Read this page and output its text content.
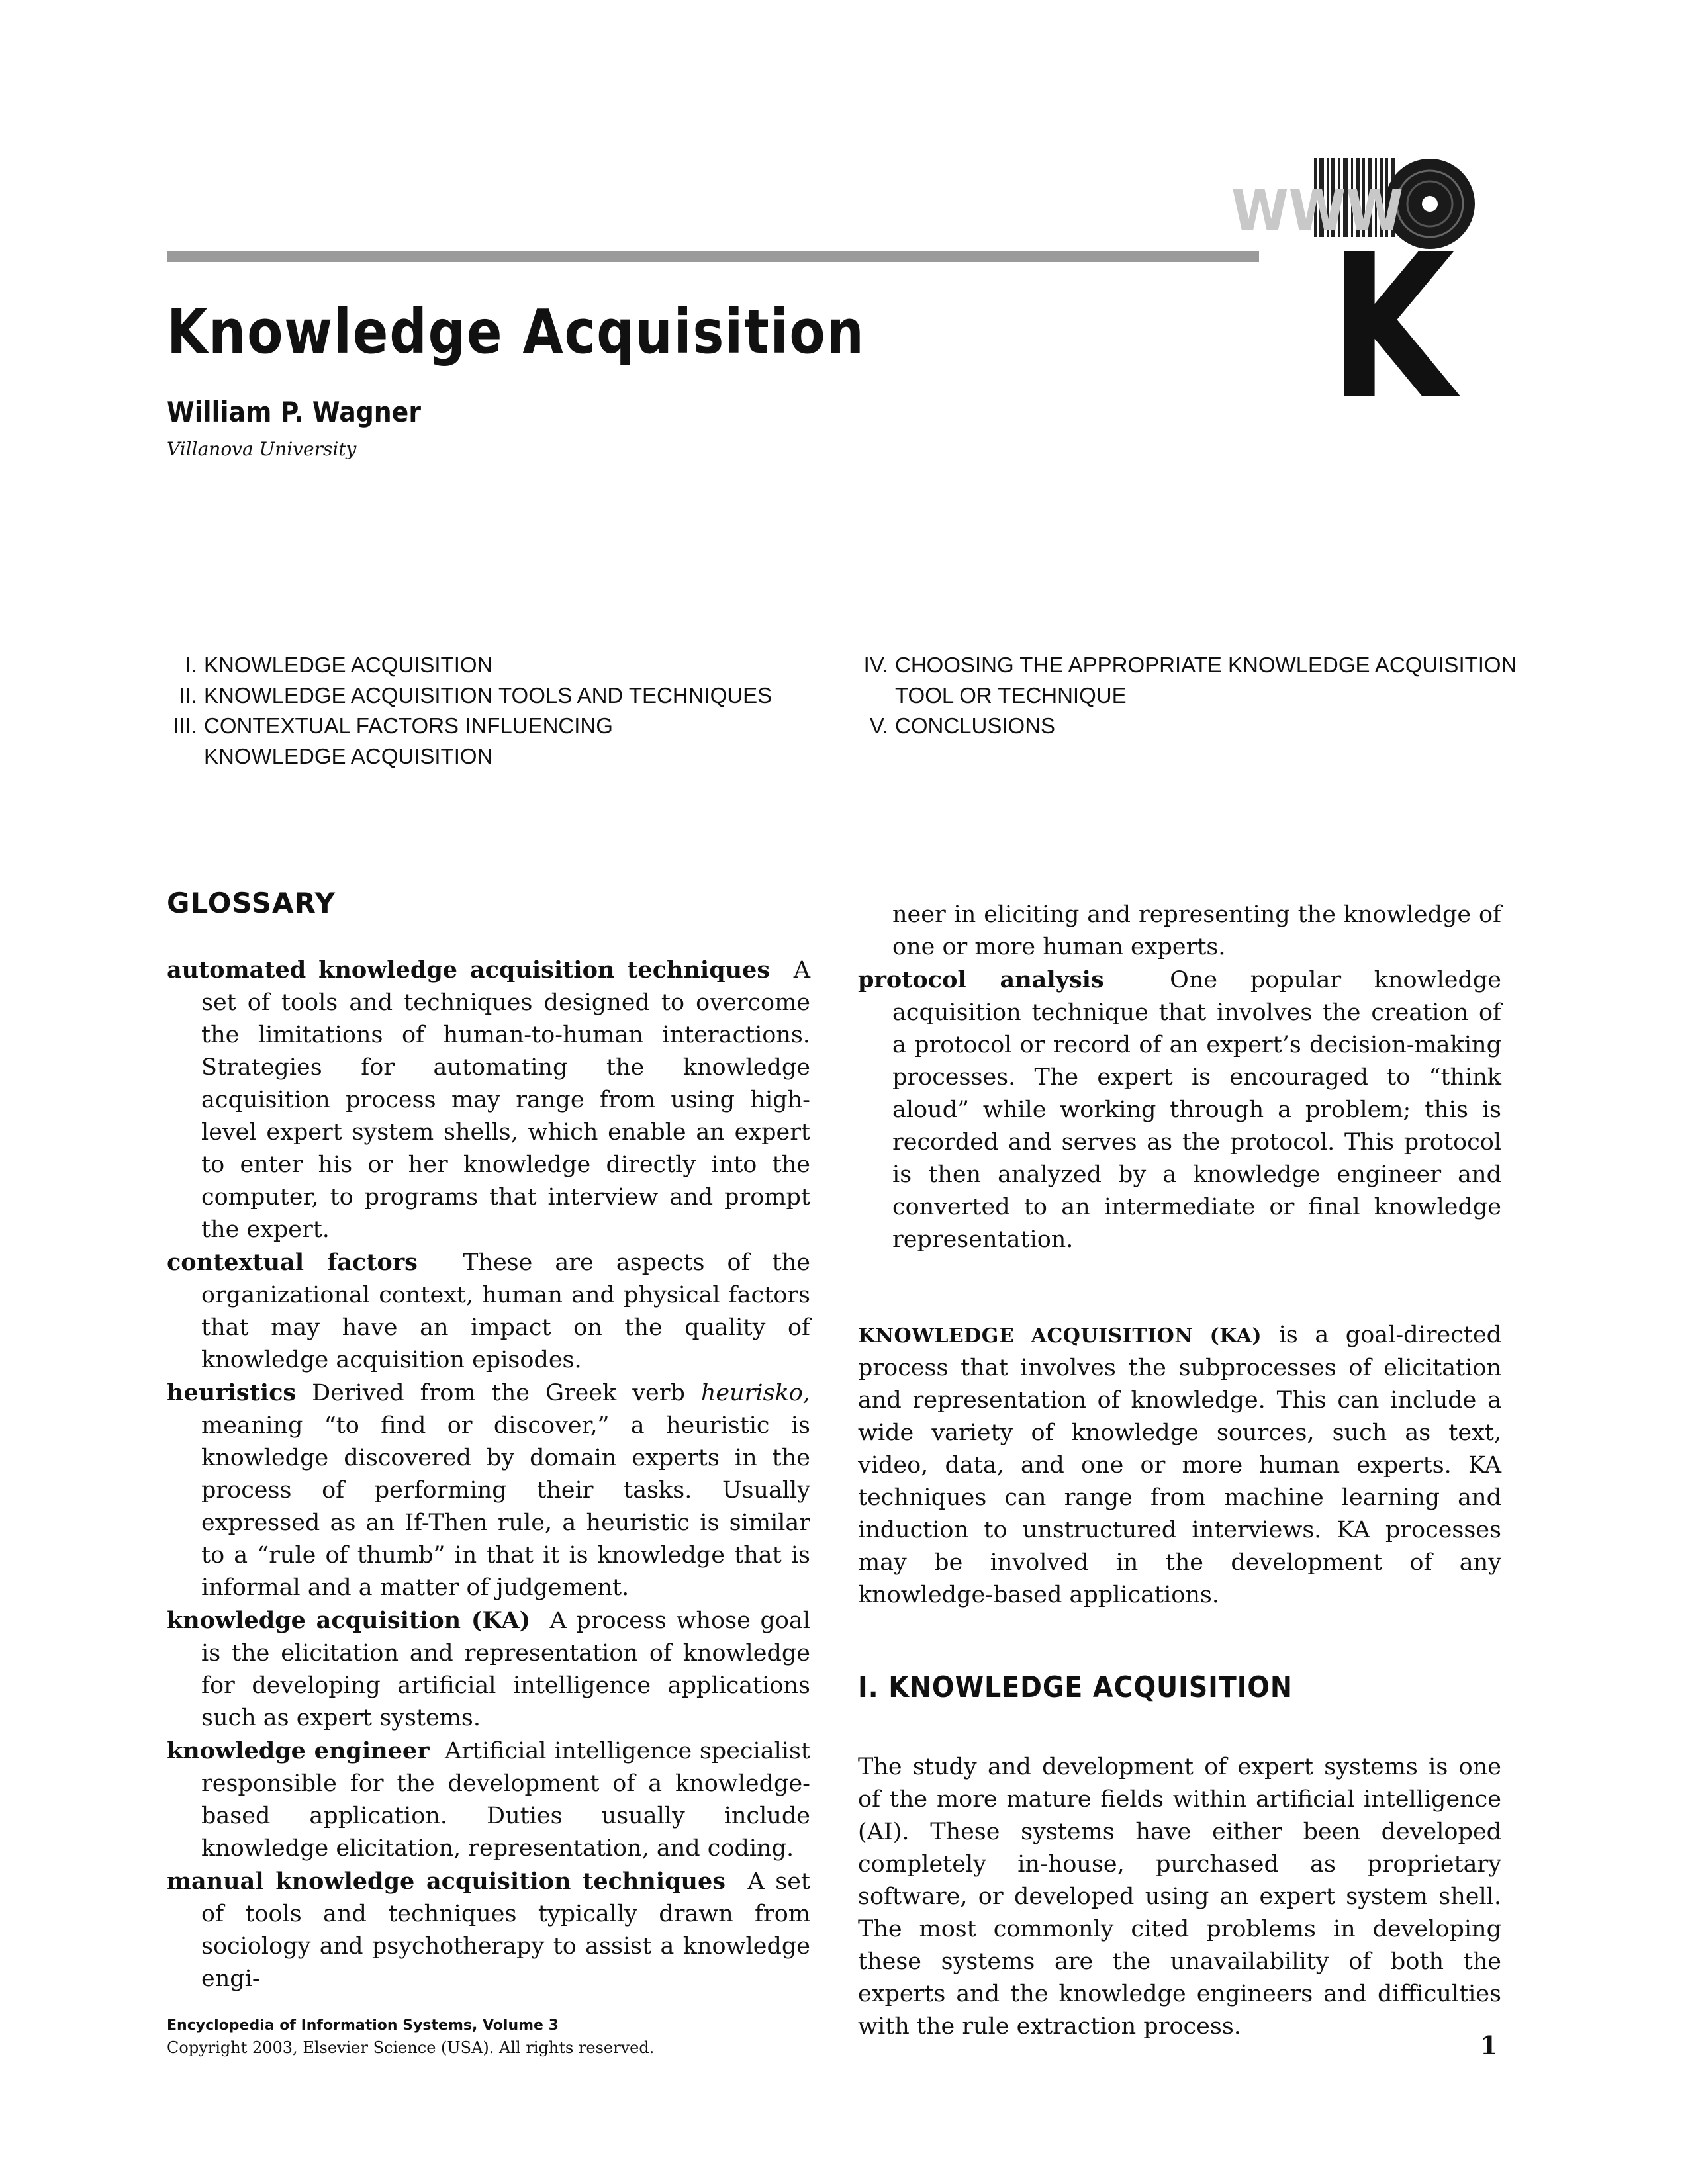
WWW
K
Knowledge Acquisition

William P. Wagner

Villanova University

I. KNOWLEDGE ACQUISITION
II. KNOWLEDGE ACQUISITION TOOLS AND TECHNIQUES
III. CONTEXTUAL FACTORS INFLUENCING
KNOWLEDGE ACQUISITION
IV. CHOOSING THE APPROPRIATE KNOWLEDGE ACQUISITION
TOOL OR TECHNIQUE
V. CONCLUSIONS
GLOSSARY

automated knowledge acquisition techniques A set of tools and techniques designed to overcome the limitations of human-to-human interactions. Strategies for automating the knowledge acquisition process may range from using high-level expert system shells, which enable an expert to enter his or her knowledge directly into the computer, to programs that interview and prompt the expert.

contextual factors These are aspects of the organizational context, human and physical factors that may have an impact on the quality of knowledge acquisition episodes.

heuristics Derived from the Greek verb heurisko, meaning “to find or discover,” a heuristic is knowledge discovered by domain experts in the process of performing their tasks. Usually expressed as an If-Then rule, a heuristic is similar to a “rule of thumb” in that it is knowledge that is informal and a matter of judgement.

knowledge acquisition (KA) A process whose goal is the elicitation and representation of knowledge for developing artificial intelligence applications such as expert systems.

knowledge engineer Artificial intelligence specialist responsible for the development of a knowledge-based application. Duties usually include knowledge elicitation, representation, and coding.

manual knowledge acquisition techniques A set of tools and techniques typically drawn from sociology and psychotherapy to assist a knowledge engi-

neer in eliciting and representing the knowledge of one or more human experts.

protocol analysis	One popular knowledge acquisition technique that involves the creation of a protocol or record of an expert’s decision-making processes. The expert is encouraged to “think aloud” while working through a problem; this is recorded and serves as the protocol. This protocol is then analyzed by a knowledge engineer and converted to an intermediate or final knowledge representation.

KNOWLEDGE ACQUISITION (KA) is a goal-directed process that involves the subprocesses of elicitation and representation of knowledge. This can include a wide variety of knowledge sources, such as text, video, data, and one or more human experts. KA techniques can range from machine learning and induction to unstructured interviews. KA processes may be involved in the development of any knowledge-based applications.

I. KNOWLEDGE ACQUISITION

The study and development of expert systems is one of the more mature fields within artificial intelligence (AI). These systems have either been developed completely in-house, purchased as proprietary software, or developed using an expert system shell. The most commonly cited problems in developing these systems are the unavailability of both the experts and the knowledge engineers and difficulties with the rule extraction process.

Encyclopedia of Information Systems, Volume 3

Copyright 2003, Elsevier Science (USA). All rights reserved.	1
